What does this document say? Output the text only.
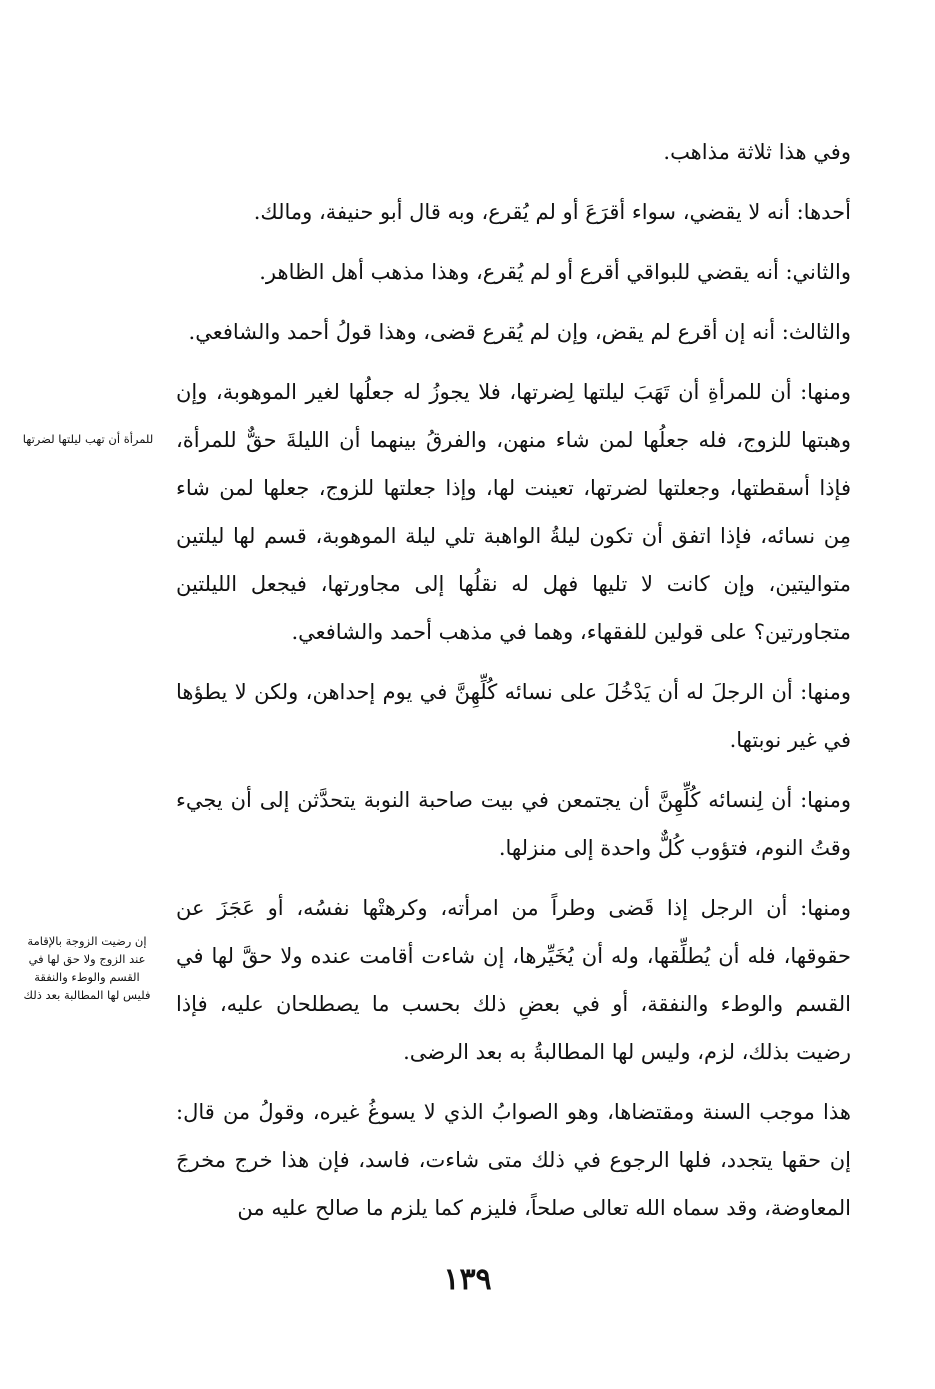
وفي هذا ثلاثة مذاهب.

أحدها: أنه لا يقضي، سواء أقرَعَ أو لم يُقرع، وبه قال أبو حنيفة، ومالك.

والثاني: أنه يقضي للبواقي أقرع أو لم يُقرع، وهذا مذهب أهل الظاهر.

والثالث: أنه إن أقرع لم يقض، وإن لم يُقرع قضى، وهذا قولُ أحمد والشافعي.

ومنها: أن للمرأةِ أن تَهَبَ ليلتها لِضرتها، فلا يجوزُ له جعلُها لغير الموهوبة، وإن وهبتها للزوج، فله جعلُها لمن شاء منهن، والفرقُ بينهما أن الليلةَ حقٌّ للمرأة، فإذا أسقطتها، وجعلتها لضرتها، تعينت لها، وإذا جعلتها للزوج، جعلها لمن شاء مِن نسائه، فإذا اتفق أن تكون ليلةُ الواهبة تلي ليلة الموهوبة، قسم لها ليلتين متواليتين، وإن كانت لا تليها فهل له نقلُها إلى مجاورتها، فيجعل الليلتين متجاورتين؟ على قولين للفقهاء، وهما في مذهب أحمد والشافعي.

ومنها: أن الرجلَ له أن يَدْخُلَ على نسائه كُلِّهِنَّ في يوم إحداهن، ولكن لا يطؤها في غير نوبتها.

ومنها: أن لِنسائه كُلِّهِنَّ أن يجتمعن في بيت صاحبة النوبة يتحدَّثن إلى أن يجيء وقتُ النوم، فتؤوب كُلٌّ واحدة إلى منزلها.

ومنها: أن الرجل إذا قَضى وطراً من امرأته، وكرهتْها نفسُه، أو عَجَزَ عن حقوقها، فله أن يُطلِّقها، وله أن يُخَيِّرها، إن شاءت أقامت عنده ولا حقَّ لها في القسم والوطء والنفقة، أو في بعضِ ذلك بحسب ما يصطلحان عليه، فإذا رضيت بذلك، لزم، وليس لها المطالبةُ به بعد الرضى.

هذا موجب السنة ومقتضاها، وهو الصوابُ الذي لا يسوغُ غيره، وقولُ من قال: إن حقها يتجدد، فلها الرجوع في ذلك متى شاءت، فاسد، فإن هذا خرج مخرجَ المعاوضة، وقد سماه الله تعالى صلحاً، فليزم كما يلزم ما صالح عليه من

للمرأة أن تهب ليلتها لضرتها
إن رضيت الزوجة بالإقامة عند الزوج ولا حق لها في القسم والوطء والنفقة فليس لها المطالبة بعد ذلك
١٣٩
